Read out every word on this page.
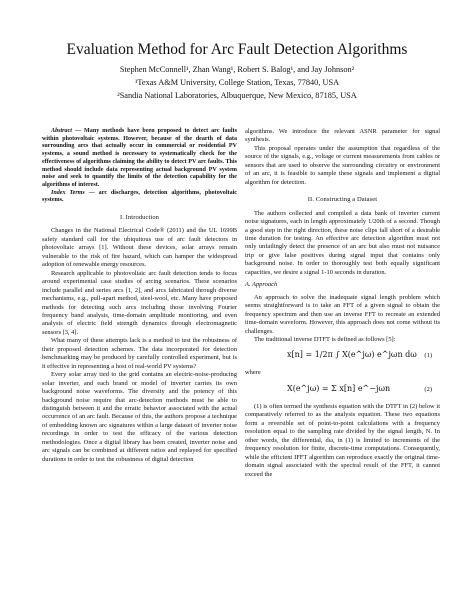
Evaluation Method for Arc Fault Detection Algorithms
Stephen McConnell¹, Zhan Wang¹, Robert S. Balog¹, and Jay Johnson²
¹Texas A&M University, College Station, Texas, 77840, USA
²Sandia National Laboratories, Albuquerque, New Mexico, 87185, USA

Abstract — Many methods have been proposed to detect arc faults within photovoltaic systems. However, because of the dearth of data surrounding arcs that actually occur in commercial or residential PV systems, a sound method is necessary to systematically check for the effectiveness of algorithms claiming the ability to detect PV arc faults. This method should include data representing actual background PV system noise and seek to quantify the limits of the detection capability for the algorithms of interest.

Index Terms — arc discharges, detection algorithms, photovoltaic systems.

I. Introduction

Changes in the National Electrical Code® (2011) and the UL 1699B safety standard call for the ubiquitous use of arc fault detectors in photovoltaic arrays [1]. Without these devices, solar arrays remain vulnerable to the risk of fire hazard, which can hamper the widespread adoption of renewable energy resources.

Research applicable to photovoltaic arc fault detection tends to focus around experimental case studies of arcing scenarios. These scenarios include parallel and series arcs [1, 2], and arcs fabricated through diverse mechanisms, e.g., pull-apart method, steel-wool, etc. Many have proposed methods for detecting such arcs including those involving Fourier frequency band analysis, time-domain amplitude monitoring, and even analysis of electric field strength dynamics through electromagnetic sensors [3, 4].

What many of these attempts lack is a method to test the robustness of their proposed detection schemes. The data incorporated for detection benchmarking may be produced by carefully controlled experiment, but is it effective in representing a host of real-world PV systems?

Every solar array tied to the grid contains an electric-noise-producing solar inverter, and each brand or model of inverter carries its own background noise waveforms. The diversity and the potency of this background noise require that arc-detection methods must be able to distinguish between it and the erratic behavior associated with the actual occurrence of an arc fault. Because of this, the authors propose a technique of embedding known arc signatures within a large dataset of inverter noise recordings in order to test the efficacy of the various detection methodologies. Once a digital library has been created, inverter noise and arc signals can be combined at different ratios and replayed for specified durations in order to test the robustness of digital detection

algorithms. We introduce the relevant ASNR parameter for signal synthesis.

This proposal operates under the assumption that regardless of the source of the signals, e.g., voltage or current measurements from cables or sensors that are used to observe the surrounding circuitry or environment of an arc, it is feasible to sample these signals and implement a digital algorithm for detection.

II. Constructing a Dataset

The authors collected and compiled a data bank of inverter current noise signatures, each in length approximately 1/20th of a second. Though a good step in the right direction, these noise clips fall short of a desirable time duration for testing. An effective arc detection algorithm must not only unfailingly detect the presence of an arc but also must not nuisance trip or give false positives during signal input that contains only background noise. In order to thoroughly test both equally significant capacities, we desire a signal 1-10 seconds in duration.

A. Approach

An approach to solve the inadequate signal length problem which seems straightforward is to take an FFT of a given signal to obtain the frequency spectrum and then use an inverse FFT to recreate an extended time-domain waveform. However, this approach does not come without its challenges.

The traditional inverse DTFT is defined as follows [5]:

x[n] = 1/2π ∫ X(e^jω) e^jωn dω (1)

where

X(e^jω) = Σ x[n] e^−jωn	(2)

(1) is often termed the synthesis equation with the DTFT in (2) below it comparatively referred to as the analysis equation. These two equations form a reversible set of point-to-point calculations with a frequency resolution equal to the sampling rate divided by the signal length, N. In other words, the differential, dω, in (1) is limited to increments of the frequency resolution for finite, discrete-time computations. Consequently, while the efficient IFFT algorithm can reproduce exactly the original time-domain signal associated with the spectral result of the FFT, it cannot exceed the
